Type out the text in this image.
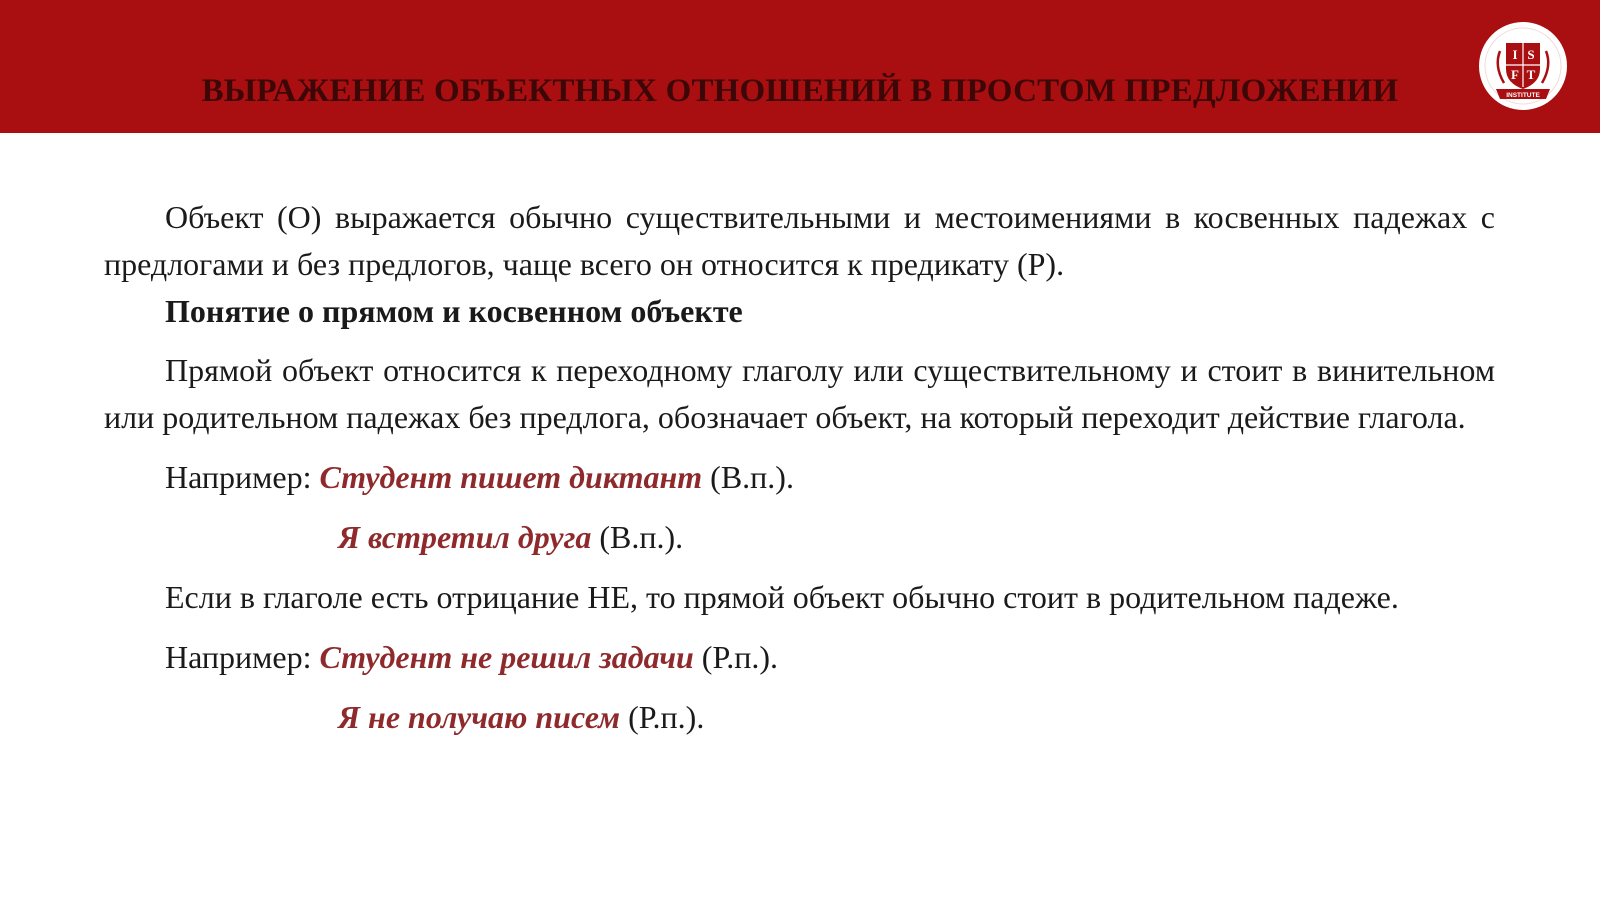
ВЫРАЖЕНИЕ ОБЪЕКТНЫХ ОТНОШЕНИЙ В ПРОСТОМ ПРЕДЛОЖЕНИИ
I S
F T
INSTITUTE

Объект (О) выражается обычно существительными и местоимениями в косвенных падежах с предлогами и без предлогов, чаще всего он относится к предикату (Р).

Понятие о прямом и косвенном объекте

Прямой объект относится к переходному глаголу или существительному и стоит в винительном или родительном падежах без предлога, обозначает объект, на который переходит действие глагола.

Например: Студент пишет диктант (В.п.).
Я встретил друга (В.п.).

Если в глаголе есть отрицание НЕ, то прямой объект обычно стоит в родительном падеже.

Например: Студент не решил задачи (Р.п.).
Я не получаю писем (Р.п.).
